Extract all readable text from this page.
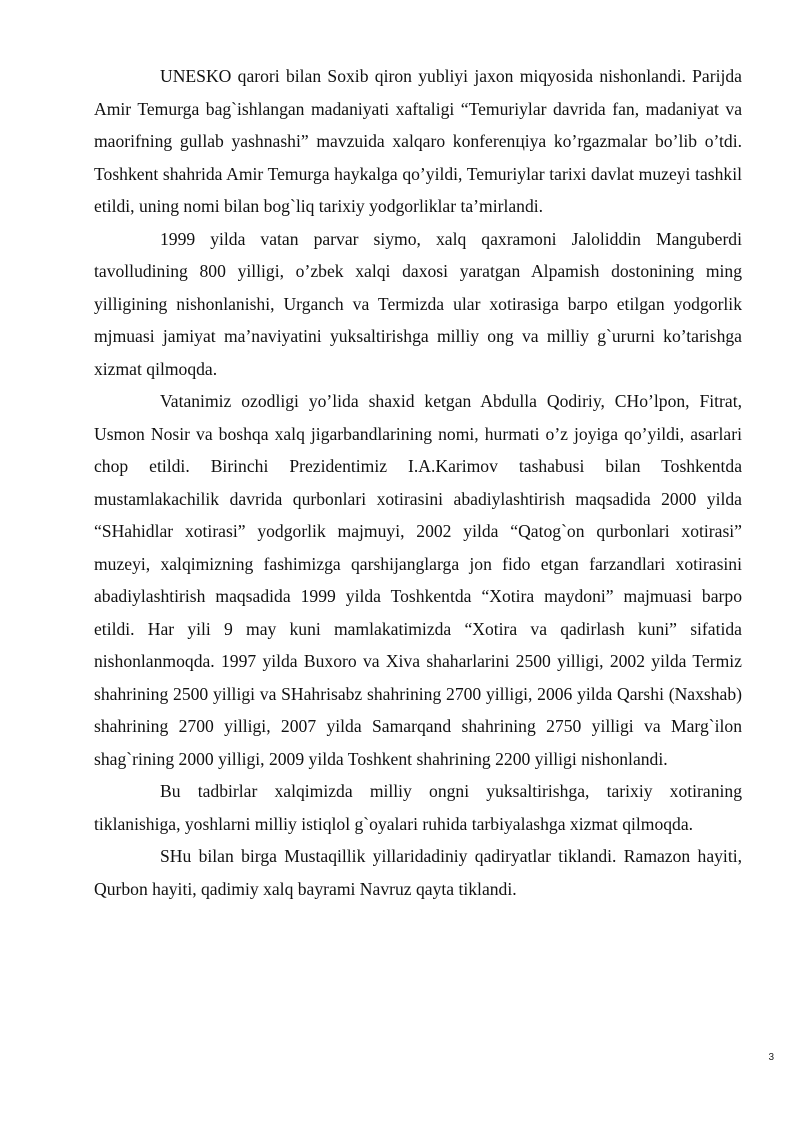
UNESKO qarori bilan Soxib qiron yubliyi jaxon miqyosida nishonlandi. Parijda Amir Temurga bag`ishlangan madaniyati xaftaligi “Temuriylar davrida fan, madaniyat va maorifning gullab yashnashi” mavzuida xalqaro konferenцiya ko’rgazmalar bo’lib o’tdi. Toshkent shahrida Amir Temurga haykalga qo’yildi, Temuriylar tarixi davlat muzeyi tashkil etildi, uning nomi bilan bog`liq tarixiy yodgorliklar ta’mirlandi.

1999 yilda vatan parvar siymo, xalq qaxramoni Jaloliddin Manguberdi tavolludining 800 yilligi, o’zbek xalqi daxosi yaratgan Alpamish dostonining ming yilligining nishonlanishi, Urganch va Termizda ular xotirasiga barpo etilgan yodgorlik mjmuasi jamiyat ma’naviyatini yuksaltirishga milliy ong va milliy g`ururni ko’tarishga xizmat qilmoqda.

Vatanimiz ozodligi yo’lida shaxid ketgan Abdulla Qodiriy, CHo’lpon, Fitrat, Usmon Nosir va boshqa xalq jigarbandlarining nomi, hurmati o’z joyiga qo’yildi, asarlari chop etildi. Birinchi Prezidentimiz I.A.Karimov tashabusi bilan Toshkentda mustamlakachilik davrida qurbonlari xotirasini abadiylashtirish maqsadida 2000 yilda “SHahidlar xotirasi” yodgorlik majmuyi, 2002 yilda “Qatog`on qurbonlari xotirasi” muzeyi, xalqimizning fashimizga qarshijanglarga jon fido etgan farzandlari xotirasini abadiylashtirish maqsadida 1999 yilda Toshkentda “Xotira maydoni” majmuasi barpo etildi. Har yili 9 may kuni mamlakatimizda “Xotira va qadirlash kuni” sifatida nishonlanmoqda. 1997 yilda Buxoro va Xiva shaharlarini 2500 yilligi, 2002 yilda Termiz shahrining 2500 yilligi va SHahrisabz shahrining 2700 yilligi, 2006 yilda Qarshi (Naxshab) shahrining 2700 yilligi, 2007 yilda Samarqand shahrining 2750 yilligi va Marg`ilon shag`rining 2000 yilligi, 2009 yilda Toshkent shahrining 2200 yilligi nishonlandi.

Bu tadbirlar xalqimizda milliy ongni yuksaltirishga, tarixiy xotiraning tiklanishiga, yoshlarni milliy istiqlol g`oyalari ruhida tarbiyalashga xizmat qilmoqda.

SHu bilan birga Mustaqillik yillaridadiniy qadiryatlar tiklandi. Ramazon hayiti, Qurbon hayiti, qadimiy xalq bayrami Navruz qayta tiklandi.

3
